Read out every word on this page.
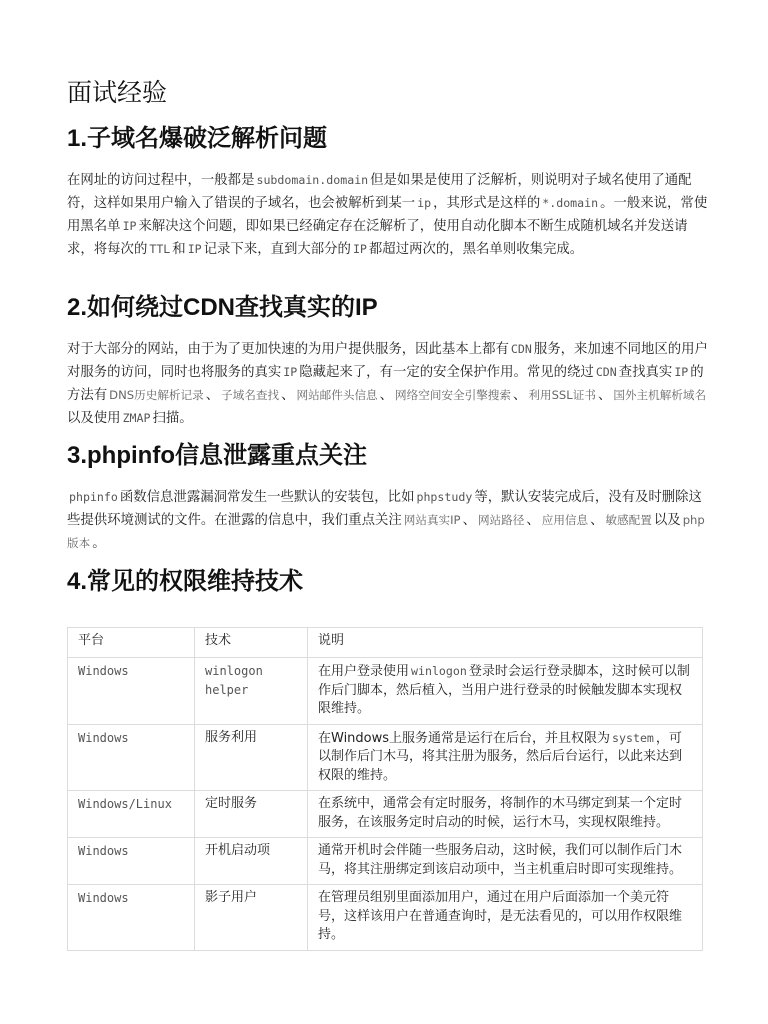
面试经验
1.子域名爆破泛解析问题

在网址的访问过程中，一般都是 subdomain.domain 但是如果是使用了泛解析，则说明对子域名使用了通配符，这样如果用户输入了错误的子域名，也会被解析到某一 ip ，其形式是这样的 *.domain 。一般来说，常使用黑名单 IP 来解决这个问题，即如果已经确定存在泛解析了，使用自动化脚本不断生成随机域名并发送请求，将每次的 TTL 和 IP 记录下来，直到大部分的 IP 都超过两次的，黑名单则收集完成。

2.如何绕过CDN查找真实的IP

对于大部分的网站，由于为了更加快速的为用户提供服务，因此基本上都有 CDN 服务，来加速不同地区的用户对服务的访问，同时也将服务的真实 IP 隐藏起来了，有一定的安全保护作用。常见的绕过 CDN 查找真实 IP 的方法有 DNS历史解析记录 、 子域名查找 、 网站邮件头信息 、 网络空间安全引擎搜索 、 利用SSL证书 、 国外主机解析域名以及使用 ZMAP 扫描。

3.phpinfo信息泄露重点关注

phpinfo 函数信息泄露漏洞常发生一些默认的安装包，比如 phpstudy 等，默认安装完成后，没有及时删除这些提供环境测试的文件。在泄露的信息中，我们重点关注 网站真实IP 、 网站路径 、 应用信息 、 敏感配置 以及 php版本 。

4.常见的权限维持技术
平台	技术	说明
Windows	winlogon helper	在用户登录使用 winlogon 登录时会运行登录脚本，这时候可以制作后门脚本，然后植入，当用户进行登录的时候触发脚本实现权限维持。
Windows	服务利用	在Windows上服务通常是运行在后台，并且权限为 system ，可以制作后门木马，将其注册为服务，然后后台运行，以此来达到权限的维持。
Windows/Linux	定时服务	在系统中，通常会有定时服务，将制作的木马绑定到某一个定时服务，在该服务定时启动的时候，运行木马，实现权限维持。
Windows	开机启动项	通常开机时会伴随一些服务启动，这时候，我们可以制作后门木马，将其注册绑定到该启动项中，当主机重启时即可实现维持。
Windows	影子用户	在管理员组别里面添加用户，通过在用户后面添加一个美元符号，这样该用户在普通查询时，是无法看见的，可以用作权限维持。
